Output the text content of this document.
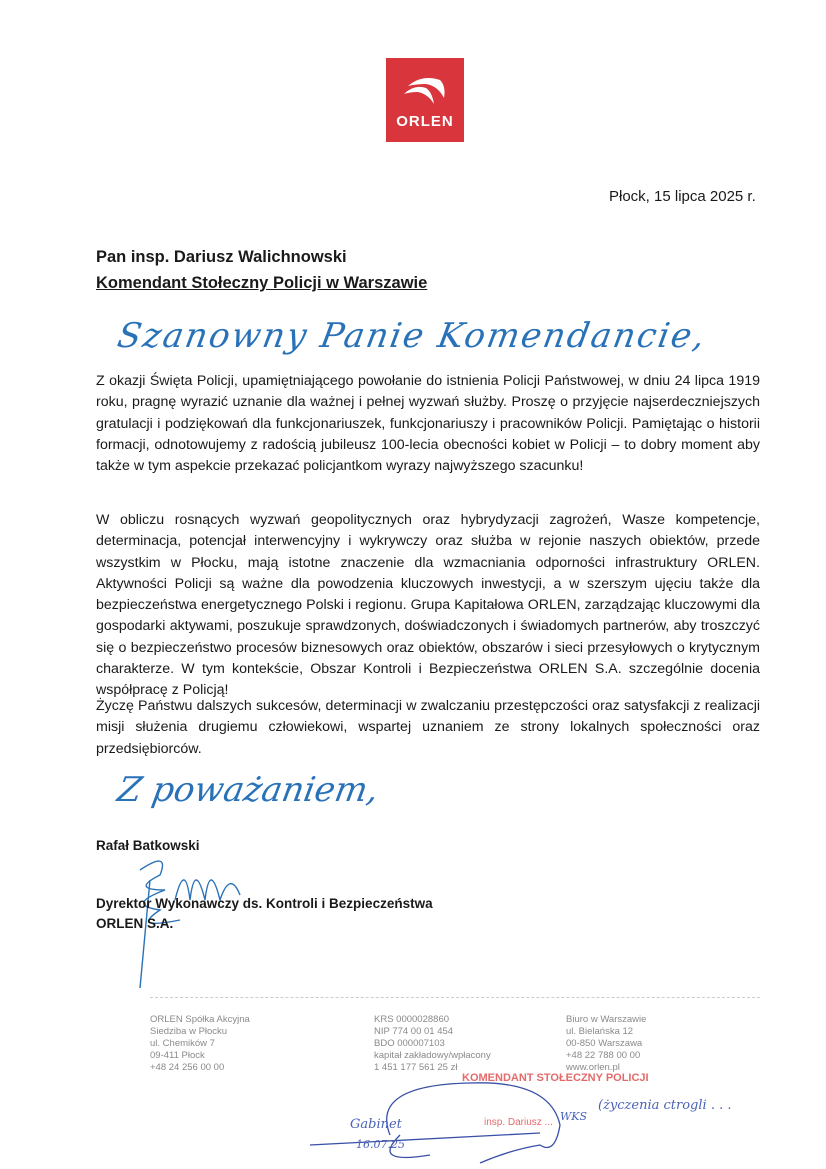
ORLEN
Płock, 15 lipca 2025 r.
Pan insp. Dariusz Walichnowski
Komendant Stołeczny Policji w Warszawie
Szanowny Panie Komendancie,
Z okazji Święta Policji, upamiętniającego powołanie do istnienia Policji Państwowej, w dniu 24 lipca 1919 roku, pragnę wyrazić uznanie dla ważnej i pełnej wyzwań służby. Proszę o przyjęcie najserdeczniejszych gratulacji i podziękowań dla funkcjonariuszek, funkcjonariuszy i pracowników Policji. Pamiętając o historii formacji, odnotowujemy z radością jubileusz 100-lecia obecności kobiet w Policji – to dobry moment aby także w tym aspekcie przekazać policjantkom wyrazy najwyższego szacunku!
W obliczu rosnących wyzwań geopolitycznych oraz hybrydyzacji zagrożeń, Wasze kompetencje, determinacja, potencjał interwencyjny i wykrywczy oraz służba w rejonie naszych obiektów, przede wszystkim w Płocku, mają istotne znaczenie dla wzmacniania odporności infrastruktury ORLEN. Aktywności Policji są ważne dla powodzenia kluczowych inwestycji, a w szerszym ujęciu także dla bezpieczeństwa energetycznego Polski i regionu. Grupa Kapitałowa ORLEN, zarządzając kluczowymi dla gospodarki aktywami, poszukuje sprawdzonych, doświadczonych i świadomych partnerów, aby troszczyć się o bezpieczeństwo procesów biznesowych oraz obiektów, obszarów i sieci przesyłowych o krytycznym charakterze. W tym kontekście, Obszar Kontroli i Bezpieczeństwa ORLEN S.A. szczególnie docenia współpracę z Policją!
Życzę Państwu dalszych sukcesów, determinacji w zwalczaniu przestępczości oraz satysfakcji z realizacji misji służenia drugiemu człowiekowi, wspartej uznaniem ze strony lokalnych społeczności oraz przedsiębiorców.
Z poważaniem,
Rafał Batkowski
Dyrektor Wykonawczy ds. Kontroli i Bezpieczeństwa
ORLEN S.A.
ORLEN Spółka Akcyjna
Siedziba w Płocku
ul. Chemików 7
09-411 Płock
+48 24 256 00 00
KRS 0000028860
NIP 774 00 01 454
BDO 000007103
kapitał zakładowy/wpłacony
1 451 177 561 25 zł
Biuro w Warszawie
ul. Bielańska 12
00-850 Warszawa
+48 22 788 00 00
www.orlen.pl
KOMENDANT STOŁECZNY POLICJI
insp. Dariusz ...
Gabinet
16.07.25
(życzenia ctrogli . . .
WKS
